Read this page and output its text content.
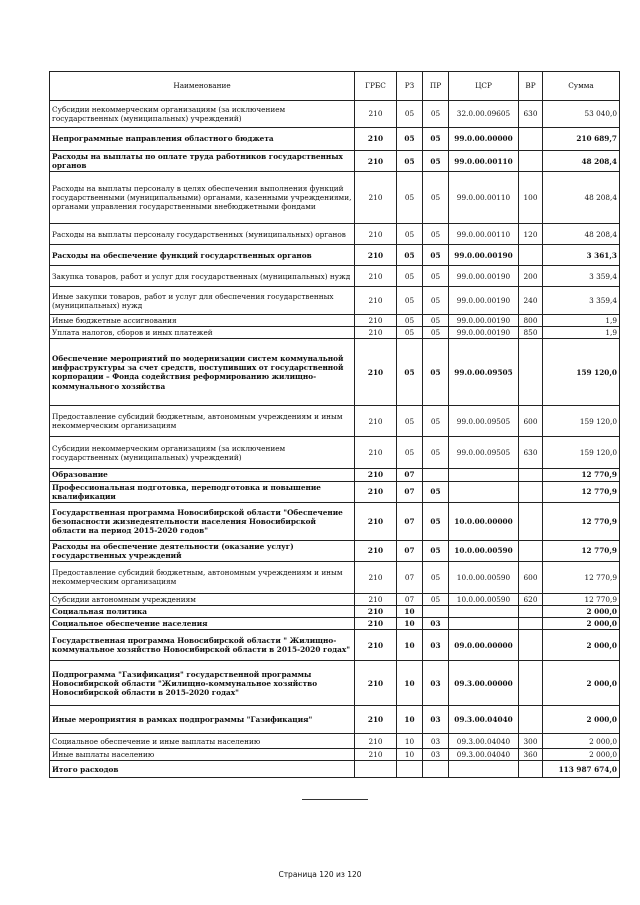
Наименование	ГРБС	РЗ	ПР	ЦСР	ВР	Сумма
Субсидии некоммерческим организациям (за исключением государственных (муниципальных) учреждений)	210	05	05	32.0.00.09605	630	53 040,0
Непрограммные направления областного бюджета	210	05	05	99.0.00.00000		210 689,7
Расходы на выплаты по оплате труда работников государственных органов	210	05	05	99.0.00.00110		48 208,4
Расходы на выплаты персоналу в целях обеспечения выполнения функций государственными (муниципальными) органами, казенными учреждениями, органами управления государственными внебюджетными фондами	210	05	05	99.0.00.00110	100	48 208,4
Расходы на выплаты персоналу государственных (муниципальных) органов	210	05	05	99.0.00.00110	120	48 208,4
Расходы на обеспечение функций государственных органов	210	05	05	99.0.00.00190		3 361,3
Закупка товаров, работ и услуг для государственных (муниципальных) нужд	210	05	05	99.0.00.00190	200	3 359,4
Иные закупки товаров, работ и услуг для обеспечения государственных (муниципальных) нужд	210	05	05	99.0.00.00190	240	3 359,4
Иные бюджетные ассигнования	210	05	05	99.0.00.00190	800	1,9
Уплата налогов, сборов и иных платежей	210	05	05	99.0.00.00190	850	1,9
Обеспечение мероприятий по модернизации систем коммунальной инфраструктуры за счет средств, поступивших от государственной корпорации – Фонда содействия реформированию жилищно-коммунального хозяйства	210	05	05	99.0.00.09505		159 120,0
Предоставление субсидий бюджетным, автономным учреждениям и иным некоммерческим организациям	210	05	05	99.0.00.09505	600	159 120,0
Субсидии некоммерческим организациям (за исключением государственных (муниципальных) учреждений)	210	05	05	99.0.00.09505	630	159 120,0
Образование	210	07				12 770,9
Профессиональная подготовка, переподготовка и повышение квалификации	210	07	05			12 770,9
Государственная программа Новосибирской области "Обеспечение безопасности жизнедеятельности населения Новосибирской области на период 2015-2020 годов"	210	07	05	10.0.00.00000		12 770,9
Расходы на обеспечение деятельности (оказание услуг) государственных учреждений	210	07	05	10.0.00.00590		12 770,9
Предоставление субсидий бюджетным, автономным учреждениям и иным некоммерческим организациям	210	07	05	10.0.00.00590	600	12 770,9
Субсидии автономным учреждениям	210	07	05	10.0.00.00590	620	12 770,9
Социальная политика	210	10				2 000,0
Социальное обеспечение населения	210	10	03			2 000,0
Государственная программа Новосибирской области " Жилищно-коммунальное хозяйство Новосибирской области в 2015-2020 годах"	210	10	03	09.0.00.00000		2 000,0
Подпрограмма "Газификация" государственной программы Новосибирской области "Жилищно-коммунальное хозяйство Новосибирской области в 2015-2020 годах"	210	10	03	09.3.00.00000		2 000,0
Иные мероприятия в рамках подпрограммы "Газификация"	210	10	03	09.3.00.04040		2 000,0
Социальное обеспечение и иные выплаты населению	210	10	03	09.3.00.04040	300	2 000,0
Иные выплаты населению	210	10	03	09.3.00.04040	360	2 000,0
Итого расходов						113 987 674,0
Страница 120 из 120
